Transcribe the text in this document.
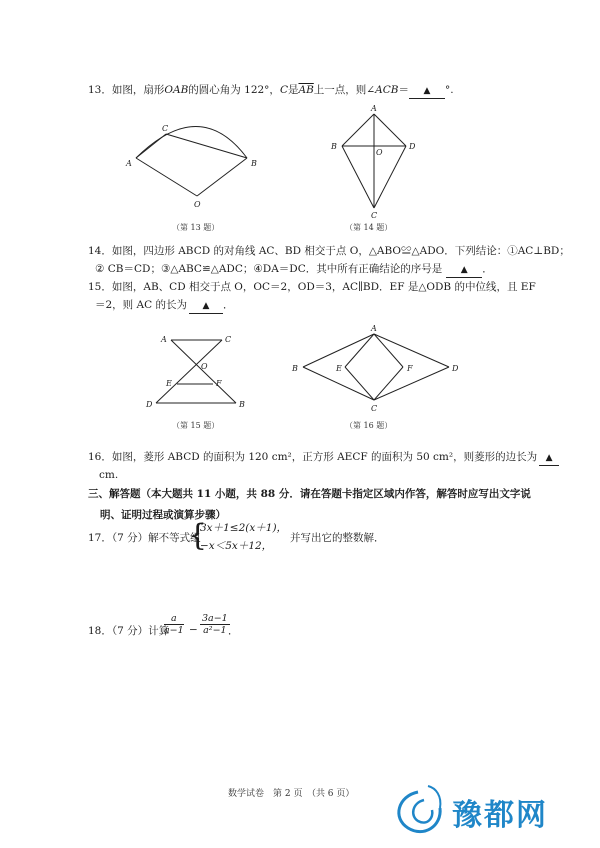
13．如图，扇形OAB的圆心角为 122°，C是$\overline{AB}$上一点，则∠ACB＝ ▲ °.
A	B
C
O
A
B	D
O
C
A	C
O
E	F
D	B
A
B	D
E	F
C
（第 13 题）	（第 14 题）
（第 15 题）	（第 16 题）
14．如图，四边形 ABCD 的对角线 AC、BD 相交于点 O，△ABO≌△ADO．下列结论：①AC⊥BD；
② CB＝CD；③△ABC≌△ADC；④DA＝DC．其中所有正确结论的序号是 ▲ ．
15．如图，AB、CD 相交于点 O，OC＝2，OD＝3，AC∥BD．EF 是△ODB 的中位线，且 EF
＝2，则 AC 的长为 ▲ ．
16．如图，菱形 ABCD 的面积为 120 cm²，正方形 AECF 的面积为 50 cm²，则菱形的边长为 ▲
cm.
三、解答题（本大题共 11 小题，共 88 分．请在答题卡指定区域内作答，解答时应写出文字说
明、证明过程或演算步骤）
17．（7 分）解不等式组
{
3x＋1≤2(x＋1)，
−x＜5x＋12，
并写出它的整数解．
18．（7 分）计算
$\frac{a}{a-1} - \frac{3a-1}{\text{a²−1}}$
．
数学试卷　第 2 页　（共 6 页）
豫都网
